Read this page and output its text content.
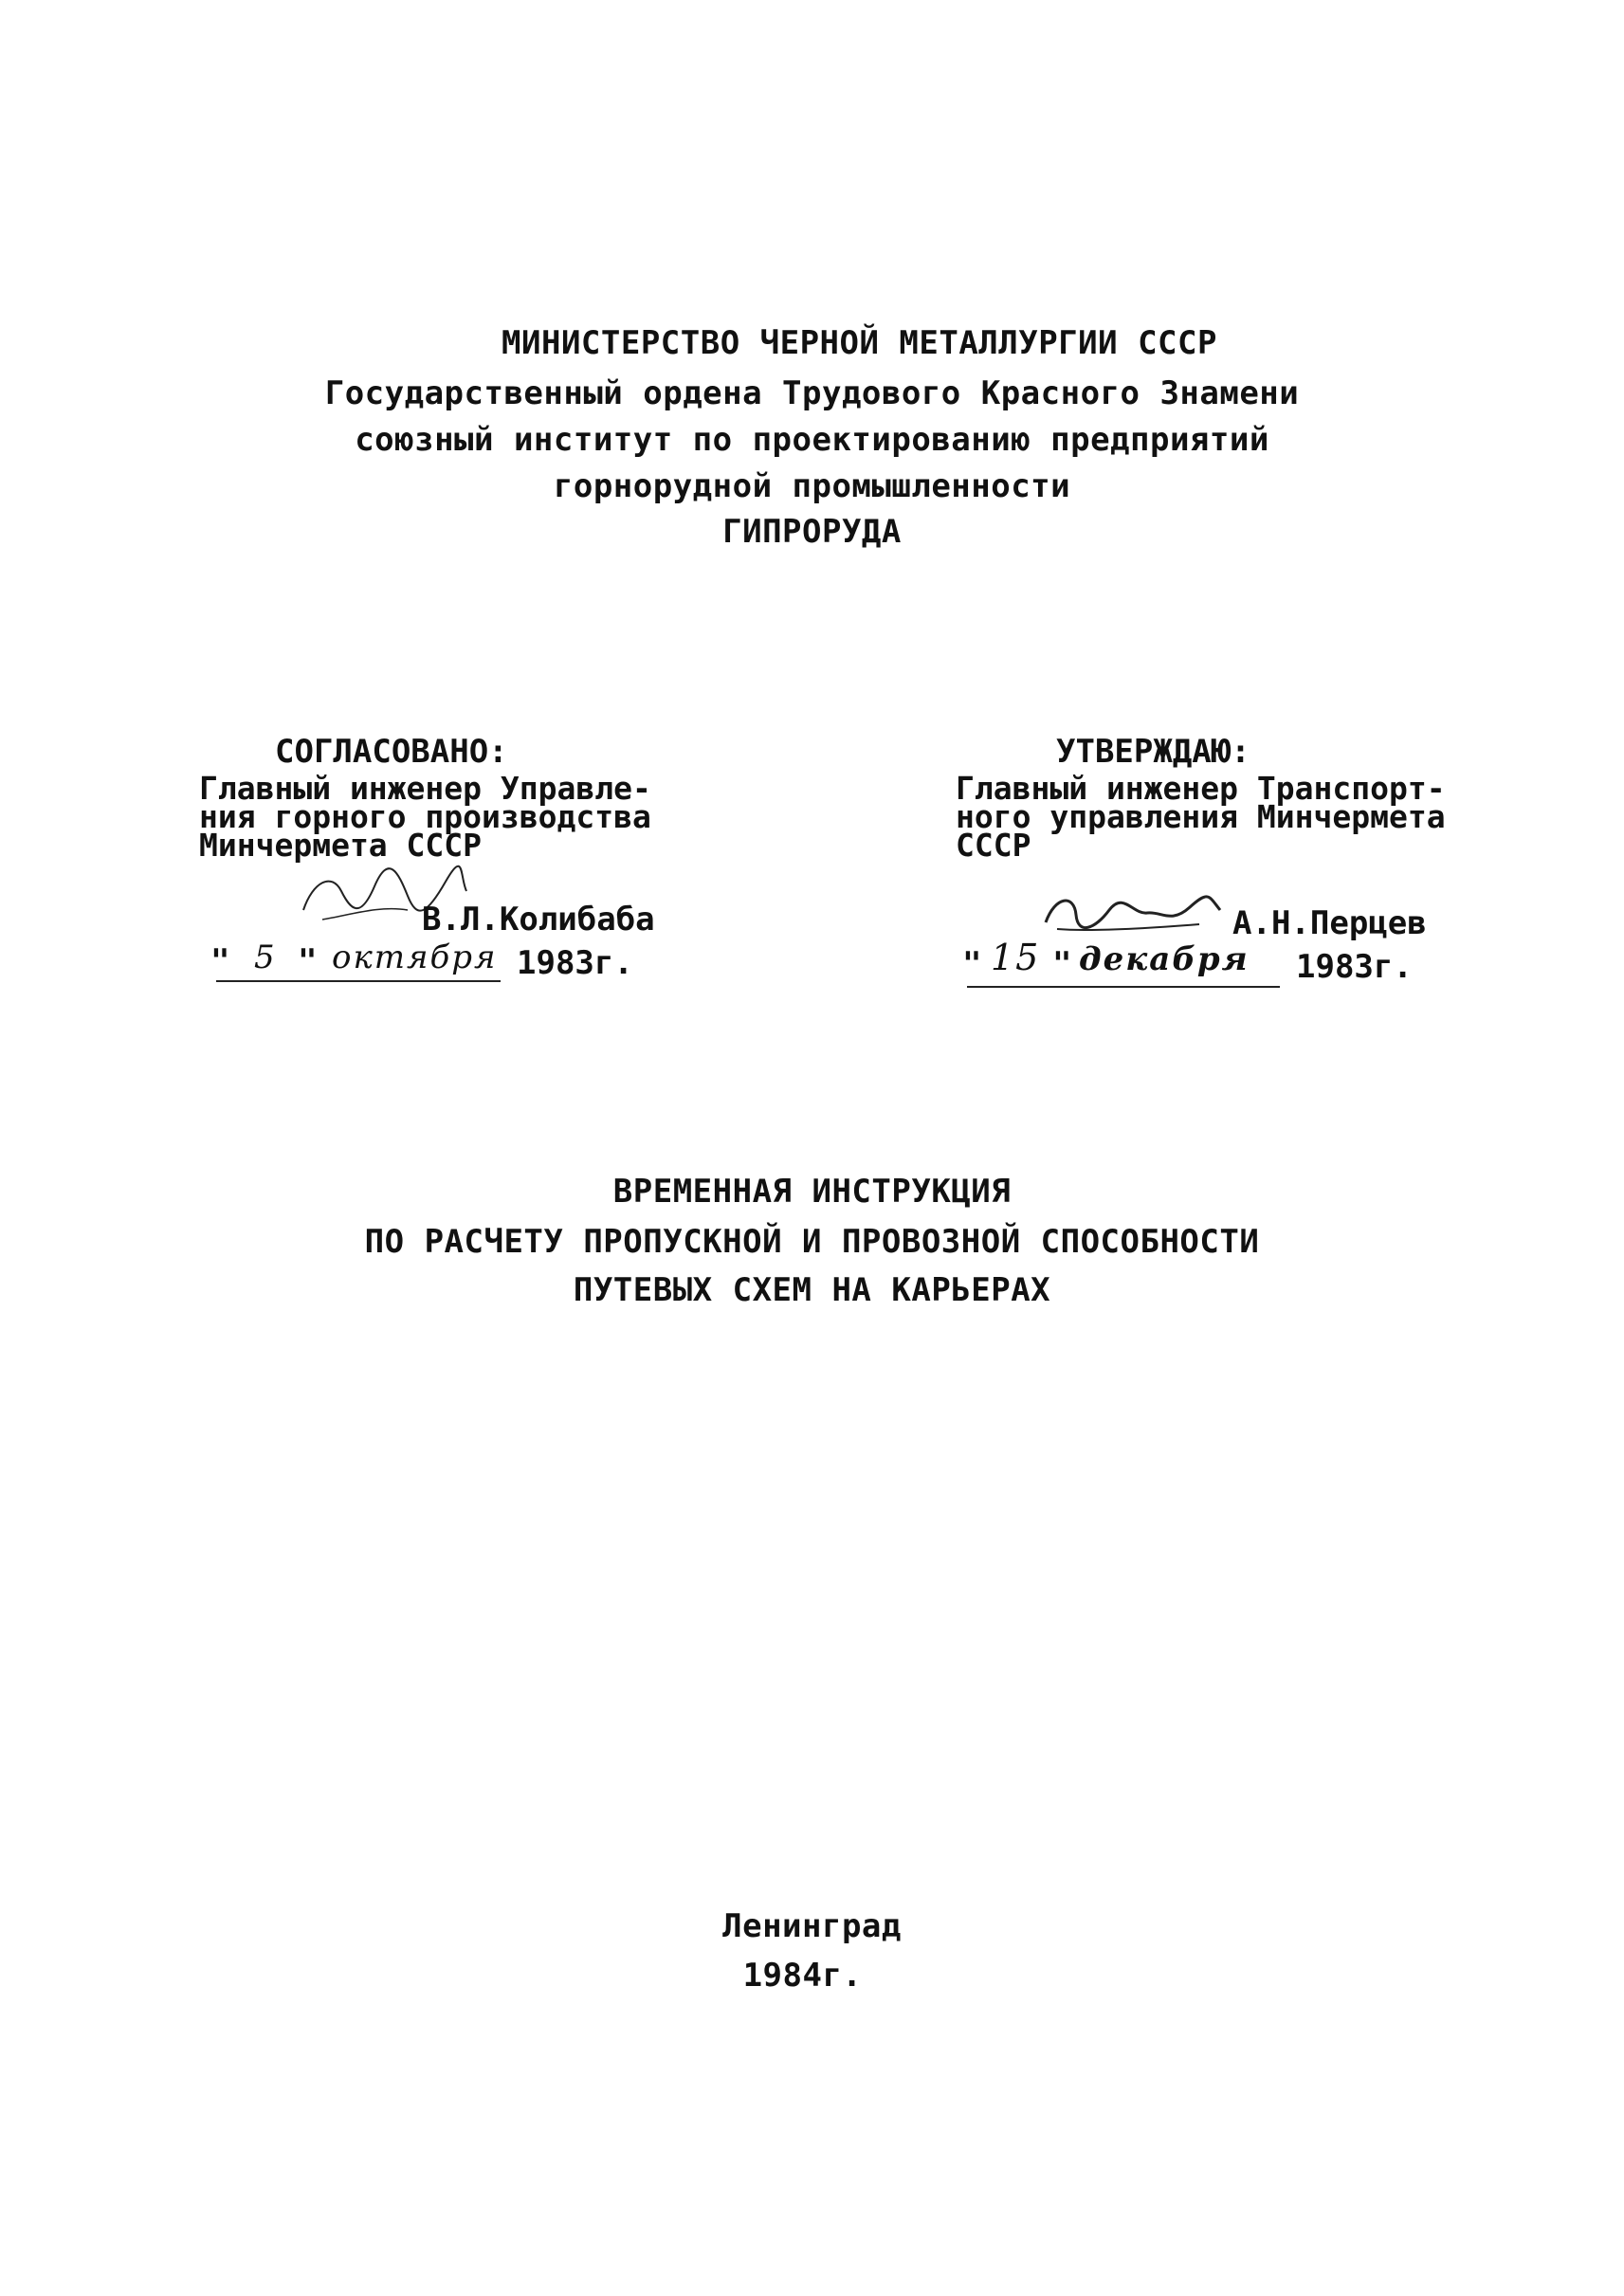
МИНИСТЕРСТВО ЧЕРНОЙ МЕТАЛЛУРГИИ СССР
Государственный ордена Трудового Красного Знамени
союзный институт по проектированию предприятий
горнорудной промышленности
ГИПРОРУДА
СОГЛАСОВАНО:
Главный инженер Управле-
ния горного производства
Минчермета СССР
В.Л.Колибаба
" 5 " октября 1983г.
УТВЕРЖДАЮ:
Главный инженер Транспорт-
ного управления Минчермета
СССР
А.Н.Перцев
" 15 " декабря 1983г.
ВРЕМЕННАЯ ИНСТРУКЦИЯ
ПО РАСЧЕТУ ПРОПУСКНОЙ И ПРОВОЗНОЙ СПОСОБНОСТИ
ПУТЕВЫХ СХЕМ НА КАРЬЕРАХ
Ленинград
1984г.
